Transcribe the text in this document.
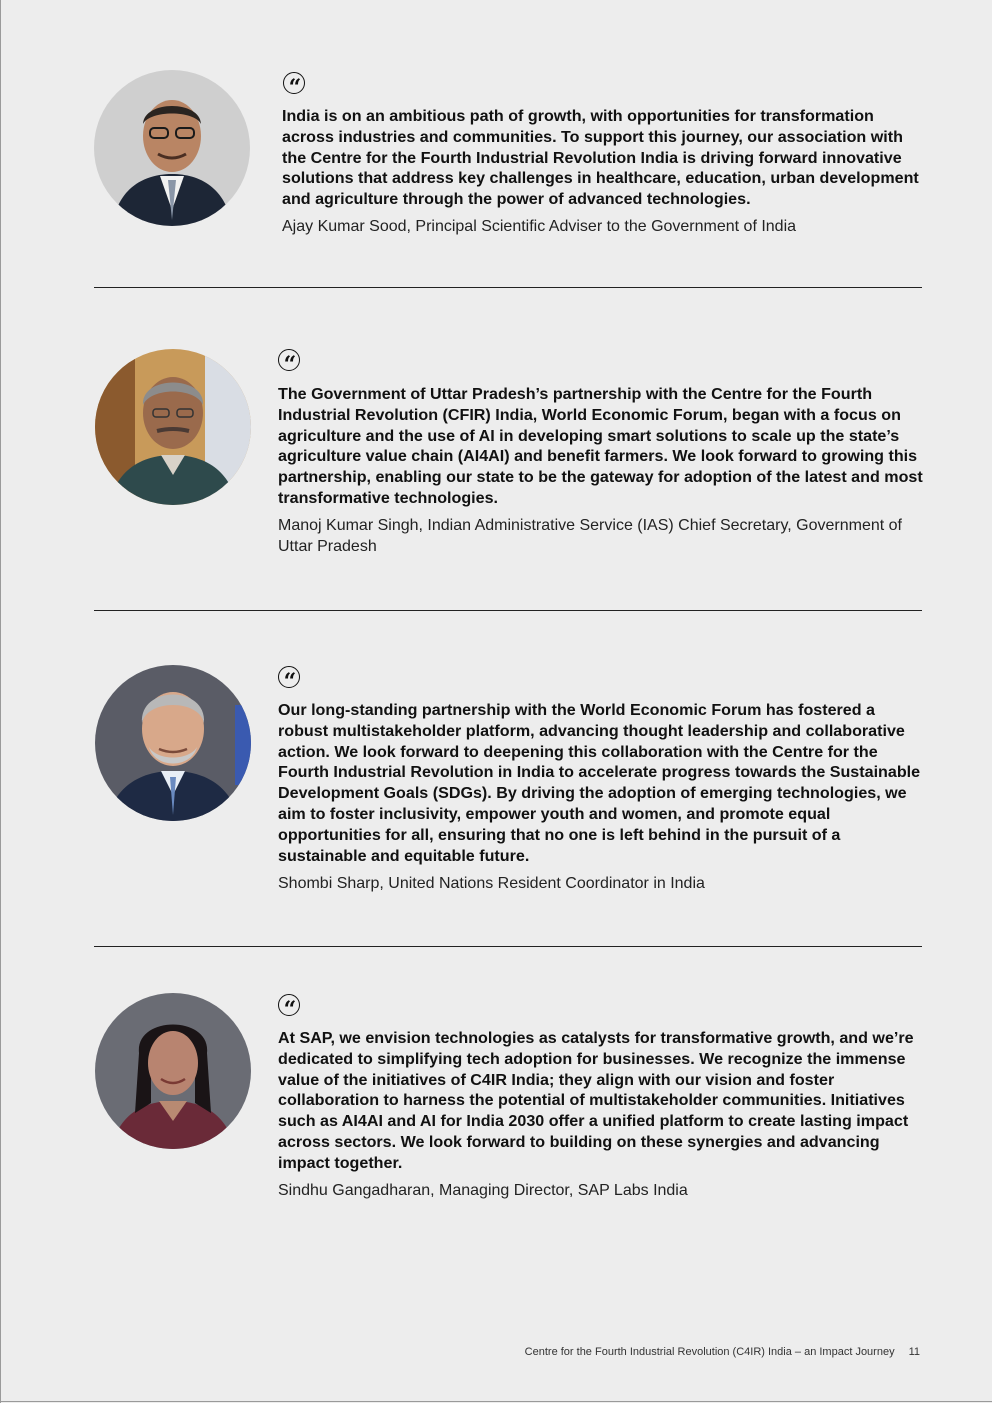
“

India is on an ambitious path of growth, with opportunities for transformation across industries and communities. To support this journey, our association with the Centre for the Fourth Industrial Revolution India is driving forward innovative solutions that address key challenges in healthcare, education, urban development and agriculture through the power of advanced technologies.

Ajay Kumar Sood, Principal Scientific Adviser to the Government of India

“

The Government of Uttar Pradesh’s partnership with the Centre for the Fourth Industrial Revolution (CFIR) India, World Economic Forum, began with a focus on agriculture and the use of AI in developing smart solutions to scale up the state’s agriculture value chain (AI4AI) and benefit farmers. We look forward to growing this partnership, enabling our state to be the gateway for adoption of the latest and most transformative technologies.

Manoj Kumar Singh, Indian Administrative Service (IAS) Chief Secretary, Government of Uttar Pradesh

“

Our long-standing partnership with the World Economic Forum has fostered a robust multistakeholder platform, advancing thought leadership and collaborative action. We look forward to deepening this collaboration with the Centre for the Fourth Industrial Revolution in India to accelerate progress towards the Sustainable Development Goals (SDGs). By driving the adoption of emerging technologies, we aim to foster inclusivity, empower youth and women, and promote equal opportunities for all, ensuring that no one is left behind in the pursuit of a sustainable and equitable future.

Shombi Sharp, United Nations Resident Coordinator in India

“

At SAP, we envision technologies as catalysts for transformative growth, and we’re dedicated to simplifying tech adoption for businesses. We recognize the immense value of the initiatives of C4IR India; they align with our vision and foster collaboration to harness the potential of multistakeholder communities. Initiatives such as AI4AI and AI for India 2030 offer a unified platform to create lasting impact across sectors. We look forward to building on these synergies and advancing impact together.

Sindhu Gangadharan, Managing Director, SAP Labs India

Centre for the Fourth Industrial Revolution (C4IR) India – an Impact Journey 11
